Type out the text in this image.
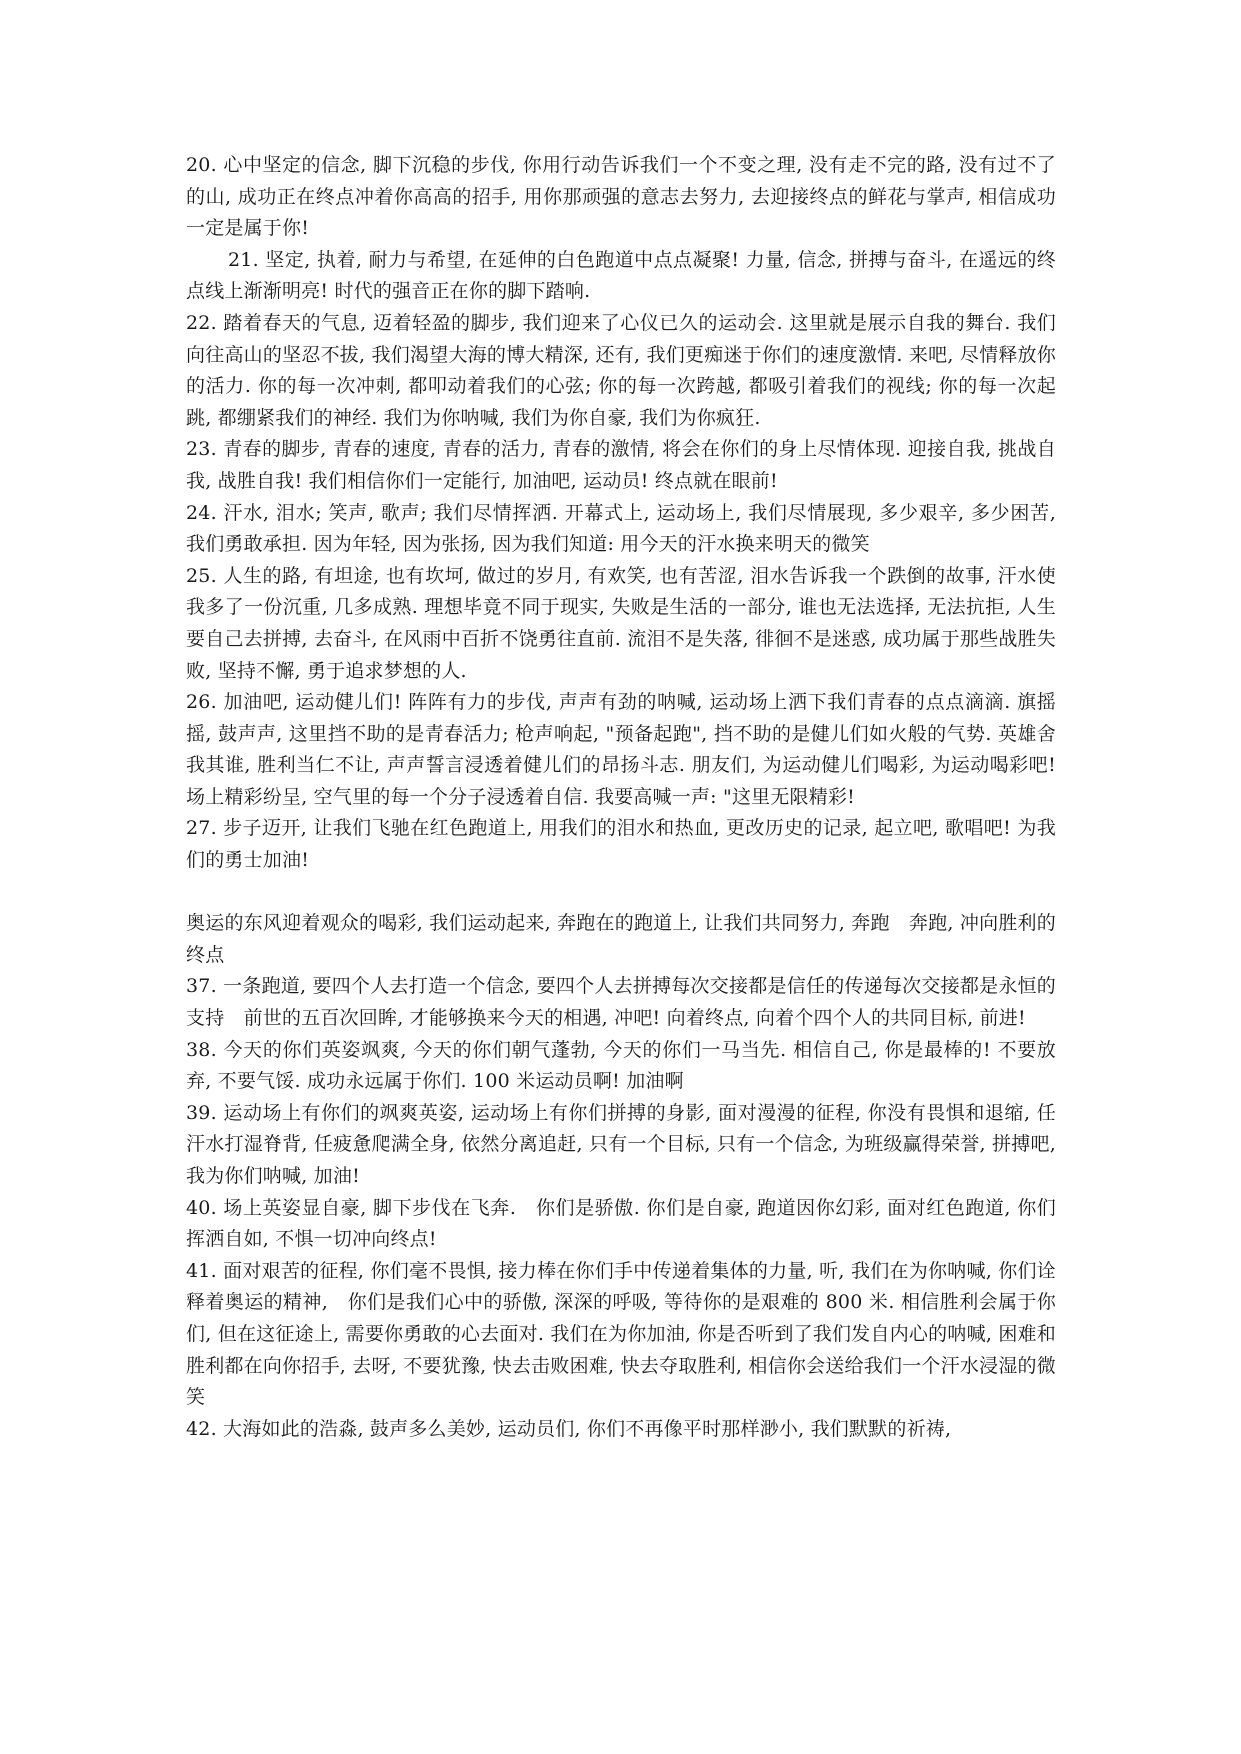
20. 心中坚定的信念, 脚下沉稳的步伐, 你用行动告诉我们一个不变之理, 没有走不完的路, 没有过不了的山, 成功正在终点冲着你高高的招手, 用你那顽强的意志去努力, 去迎接终点的鲜花与掌声, 相信成功一定是属于你!

21. 坚定, 执着, 耐力与希望, 在延伸的白色跑道中点点凝聚! 力量, 信念, 拼搏与奋斗, 在遥远的终点线上渐渐明亮! 时代的强音正在你的脚下踏响.

22. 踏着春天的气息, 迈着轻盈的脚步, 我们迎来了心仪已久的运动会. 这里就是展示自我的舞台. 我们向往高山的坚忍不拔, 我们渴望大海的博大精深, 还有, 我们更痴迷于你们的速度激情. 来吧, 尽情释放你的活力. 你的每一次冲刺, 都叩动着我们的心弦; 你的每一次跨越, 都吸引着我们的视线; 你的每一次起跳, 都绷紧我们的神经. 我们为你呐喊, 我们为你自豪, 我们为你疯狂.

23. 青春的脚步, 青春的速度, 青春的活力, 青春的激情, 将会在你们的身上尽情体现. 迎接自我, 挑战自我, 战胜自我! 我们相信你们一定能行, 加油吧, 运动员! 终点就在眼前!

24. 汗水, 泪水; 笑声, 歌声; 我们尽情挥洒. 开幕式上, 运动场上, 我们尽情展现, 多少艰辛, 多少困苦, 我们勇敢承担. 因为年轻, 因为张扬, 因为我们知道: 用今天的汗水换来明天的微笑

25. 人生的路, 有坦途, 也有坎坷, 做过的岁月, 有欢笑, 也有苦涩, 泪水告诉我一个跌倒的故事, 汗水使我多了一份沉重, 几多成熟. 理想毕竟不同于现实, 失败是生活的一部分, 谁也无法选择, 无法抗拒, 人生要自己去拼搏, 去奋斗, 在风雨中百折不饶勇往直前. 流泪不是失落, 徘徊不是迷惑, 成功属于那些战胜失败, 坚持不懈, 勇于追求梦想的人.

26. 加油吧, 运动健儿们! 阵阵有力的步伐, 声声有劲的呐喊, 运动场上洒下我们青春的点点滴滴. 旗摇摇, 鼓声声, 这里挡不助的是青春活力; 枪声响起, "预备起跑", 挡不助的是健儿们如火般的气势. 英雄舍我其谁, 胜利当仁不让, 声声誓言浸透着健儿们的昂扬斗志. 朋友们, 为运动健儿们喝彩, 为运动喝彩吧! 场上精彩纷呈, 空气里的每一个分子浸透着自信. 我要高喊一声: "这里无限精彩!

27. 步子迈开, 让我们飞驰在红色跑道上, 用我们的泪水和热血, 更改历史的记录, 起立吧, 歌唱吧! 为我们的勇士加油!

奥运的东风迎着观众的喝彩, 我们运动起来, 奔跑在的跑道上, 让我们共同努力, 奔跑　奔跑, 冲向胜利的终点

37. 一条跑道, 要四个人去打造一个信念, 要四个人去拼搏每次交接都是信任的传递每次交接都是永恒的支持　前世的五百次回眸, 才能够换来今天的相遇, 冲吧! 向着终点, 向着个四个人的共同目标, 前进!

38. 今天的你们英姿飒爽, 今天的你们朝气蓬勃, 今天的你们一马当先. 相信自己, 你是最棒的! 不要放弃, 不要气馁. 成功永远属于你们. 100 米运动员啊! 加油啊

39. 运动场上有你们的飒爽英姿, 运动场上有你们拼搏的身影, 面对漫漫的征程, 你没有畏惧和退缩, 任汗水打湿脊背, 任疲惫爬满全身, 依然分离追赶, 只有一个目标, 只有一个信念, 为班级赢得荣誉, 拼搏吧, 我为你们呐喊, 加油!

40. 场上英姿显自豪, 脚下步伐在飞奔.　你们是骄傲. 你们是自豪, 跑道因你幻彩, 面对红色跑道, 你们挥洒自如, 不惧一切冲向终点!

41. 面对艰苦的征程, 你们毫不畏惧, 接力棒在你们手中传递着集体的力量, 听, 我们在为你呐喊, 你们诠释着奥运的精神,　你们是我们心中的骄傲, 深深的呼吸, 等待你的是艰难的 800 米. 相信胜利会属于你们, 但在这征途上, 需要你勇敢的心去面对. 我们在为你加油, 你是否听到了我们发自内心的呐喊, 困难和胜利都在向你招手, 去呀, 不要犹豫, 快去击败困难, 快去夺取胜利, 相信你会送给我们一个汗水浸湿的微笑

42. 大海如此的浩淼, 鼓声多么美妙, 运动员们, 你们不再像平时那样渺小, 我们默默的祈祷,
